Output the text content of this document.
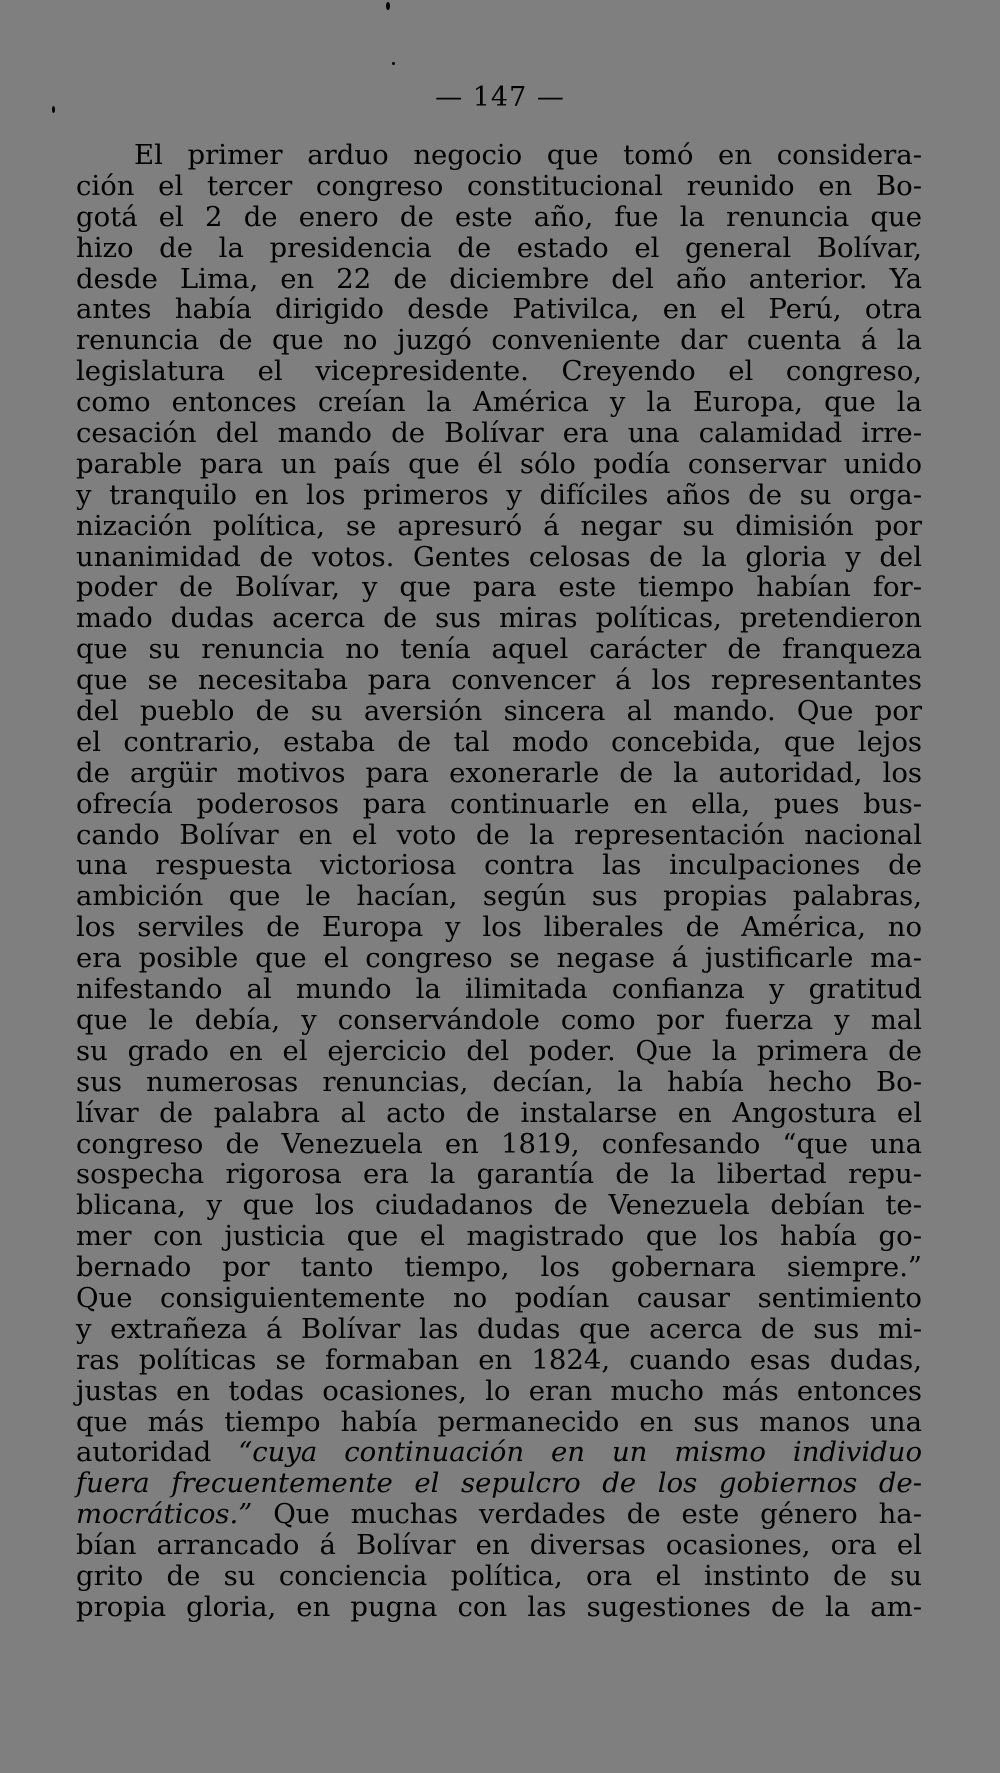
— 147 —
El primer arduo negocio que tomó en considera-
ción el tercer congreso constitucional reunido en Bo-
gotá el 2 de enero de este año, fue la renuncia que
hizo de la presidencia de estado el general Bolívar,
desde Lima, en 22 de diciembre del año anterior. Ya
antes había dirigido desde Pativilca, en el Perú, otra
renuncia de que no juzgó conveniente dar cuenta á la
legislatura el vicepresidente. Creyendo el congreso,
como entonces creían la América y la Europa, que la
cesación del mando de Bolívar era una calamidad irre-
parable para un país que él sólo podía conservar unido
y tranquilo en los primeros y difíciles años de su orga-
nización política, se apresuró á negar su dimisión por
unanimidad de votos. Gentes celosas de la gloria y del
poder de Bolívar, y que para este tiempo habían for-
mado dudas acerca de sus miras políticas, pretendieron
que su renuncia no tenía aquel carácter de franqueza
que se necesitaba para convencer á los representantes
del pueblo de su aversión sincera al mando. Que por
el contrario, estaba de tal modo concebida, que lejos
de argüir motivos para exonerarle de la autoridad, los
ofrecía poderosos para continuarle en ella, pues bus-
cando Bolívar en el voto de la representación nacional
una respuesta victoriosa contra las inculpaciones de
ambición que le hacían, según sus propias palabras,
los serviles de Europa y los liberales de América, no
era posible que el congreso se negase á justificarle ma-
nifestando al mundo la ilimitada confianza y gratitud
que le debía, y conservándole como por fuerza y mal
su grado en el ejercicio del poder. Que la primera de
sus numerosas renuncias, decían, la había hecho Bo-
lívar de palabra al acto de instalarse en Angostura el
congreso de Venezuela en 1819, confesando “que una
sospecha rigorosa era la garantía de la libertad repu-
blicana, y que los ciudadanos de Venezuela debían te-
mer con justicia que el magistrado que los había go-
bernado por tanto tiempo, los gobernara siempre.”
Que consiguientemente no podían causar sentimiento
y extrañeza á Bolívar las dudas que acerca de sus mi-
ras políticas se formaban en 1824, cuando esas dudas,
justas en todas ocasiones, lo eran mucho más entonces
que más tiempo había permanecido en sus manos una
autoridad “cuya continuación en un mismo individuo
fuera frecuentemente el sepulcro de los gobiernos de-
mocráticos.” Que muchas verdades de este género ha-
bían arrancado á Bolívar en diversas ocasiones, ora el
grito de su conciencia política, ora el instinto de su
propia gloria, en pugna con las sugestiones de la am-
